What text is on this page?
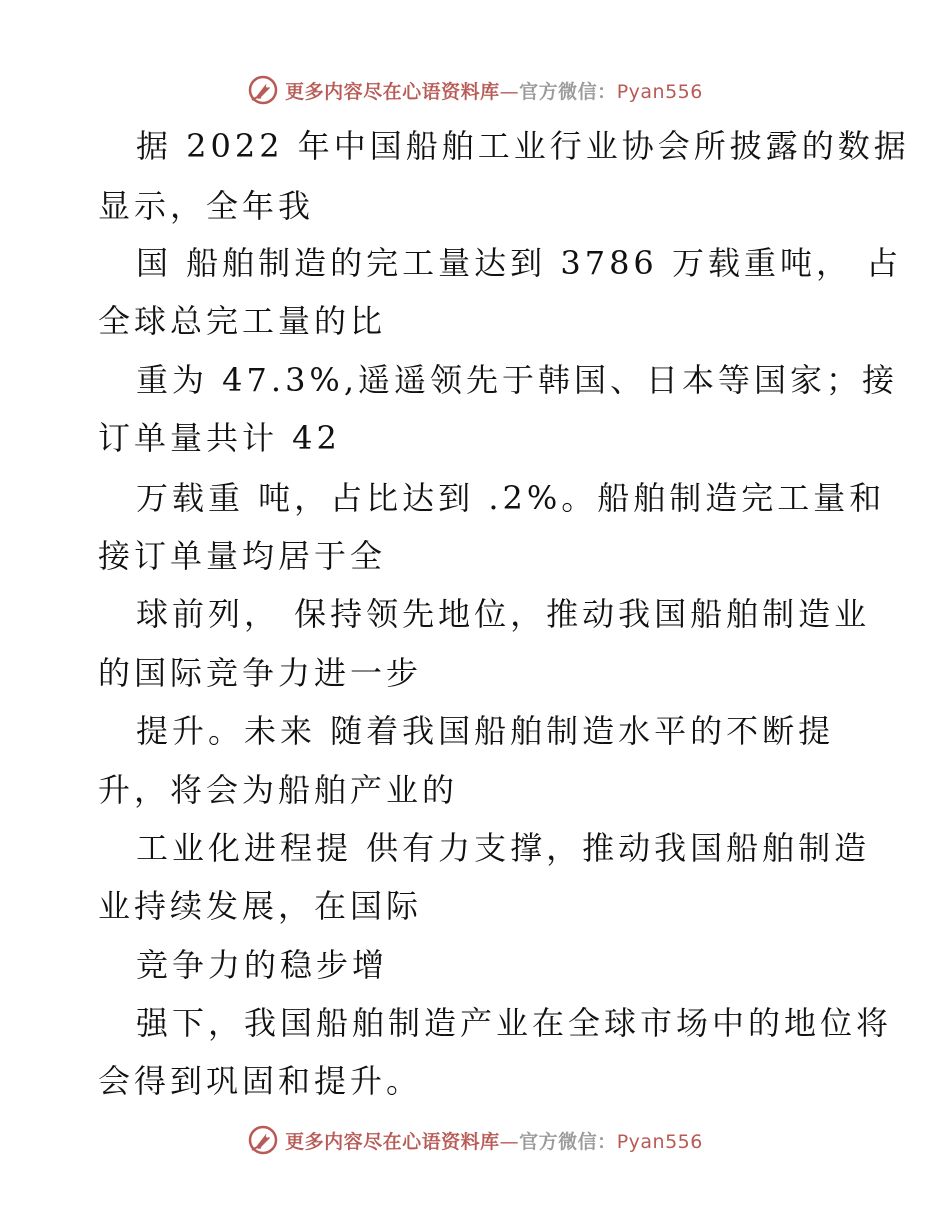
更多内容尽在心语资料库—官方微信：Pyan556
据 2022 年中国船舶工业行业协会所披露的数据
显示，全年我
国 船舶制造的完工量达到 3786 万载重吨， 占
全球总完工量的比
重为 47.3%,遥遥领先于韩国、日本等国家；接
订单量共计 42
万载重 吨，占比达到 .2%。船舶制造完工量和
接订单量均居于全
球前列， 保持领先地位，推动我国船舶制造业
的国际竞争力进一步
提升。未来 随着我国船舶制造水平的不断提
升，将会为船舶产业的
工业化进程提 供有力支撑，推动我国船舶制造
业持续发展，在国际
竞争力的稳步增
强下，我国船舶制造产业在全球市场中的地位将
会得到巩固和提升。
更多内容尽在心语资料库—官方微信：Pyan556
